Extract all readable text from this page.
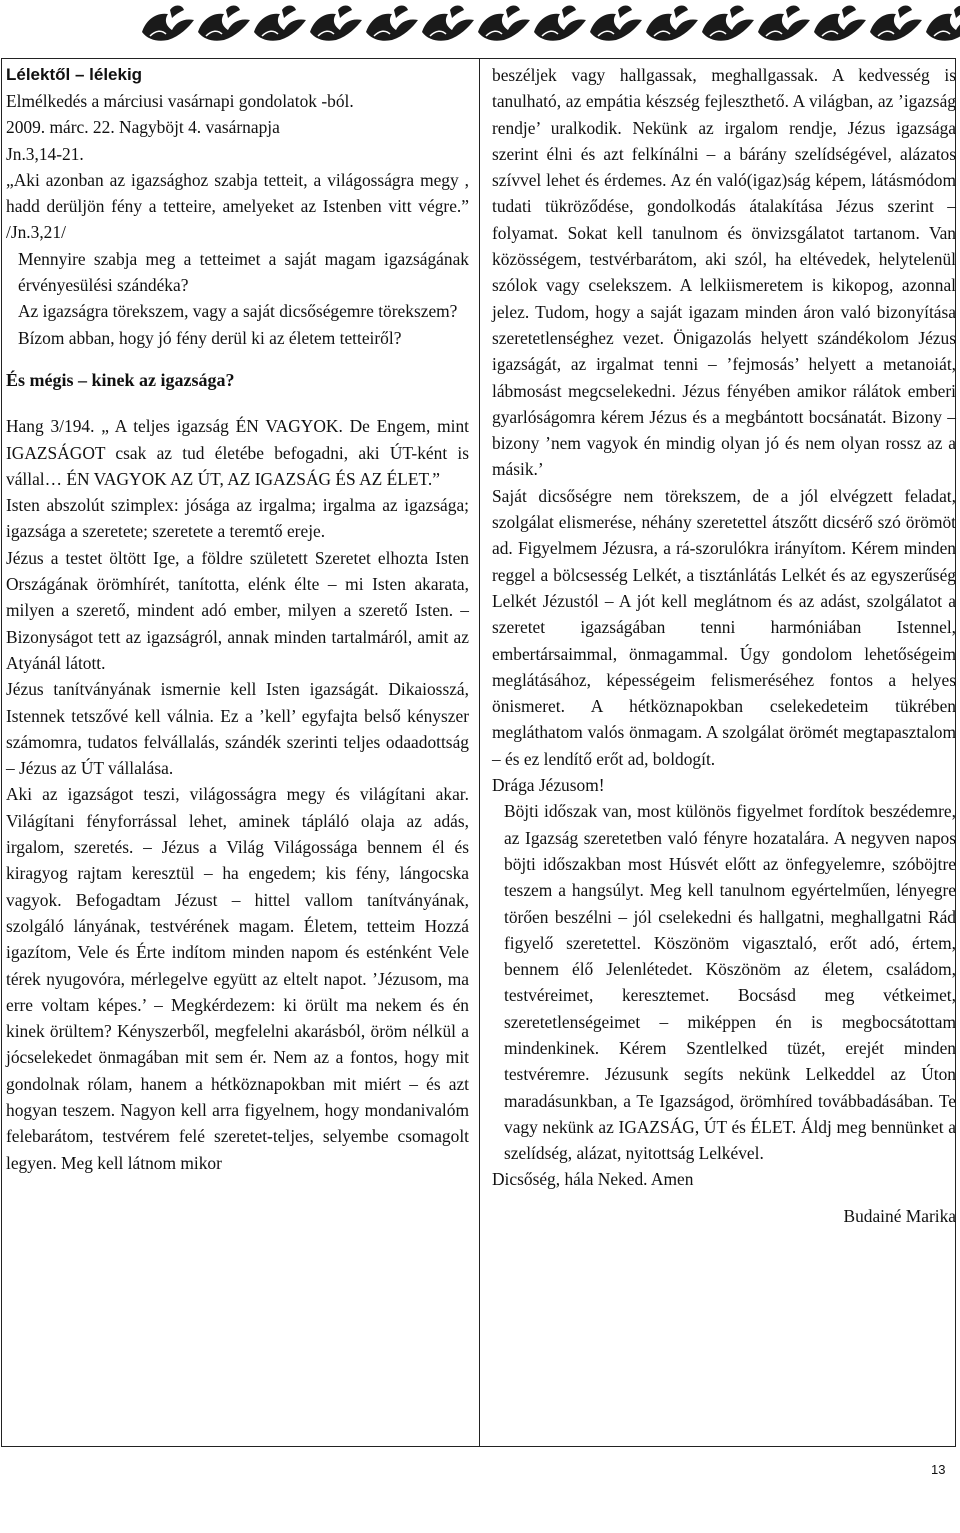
Lélektől – lélekig

Elmélkedés a márciusi vasárnapi gondolatok -ból.

2009. márc. 22. Nagyböjt 4. vasárnapja

Jn.3,14-21.

„Aki azonban az igazsághoz szabja tetteit, a világosságra megy , hadd derüljön fény a tetteire, amelyeket az Istenben vitt végre.” /Jn.3,21/

Mennyire szabja meg a tetteimet a saját magam igazságának érvényesülési szándéka?

Az igazságra törekszem, vagy a saját dicsőségemre törekszem?

Bízom abban, hogy jó fény derül ki az életem tetteiről?

És mégis – kinek az igazsága?

Hang 3/194. „ A teljes igazság ÉN VAGYOK. De Engem, mint IGAZSÁGOT csak az tud életébe befogadni, aki ÚT-ként is vállal… ÉN VAGYOK AZ ÚT, AZ IGAZSÁG ÉS AZ ÉLET.”

Isten abszolút szimplex: jósága az irgalma; irgalma az igazsága; igazsága a szeretete; szeretete a teremtő ereje.

Jézus a testet öltött Ige, a földre született Szeretet elhozta Isten Országának örömhírét, tanította, elénk élte – mi Isten akarata, milyen a szerető, mindent adó ember, milyen a szerető Isten. – Bizonyságot tett az igazságról, annak minden tartalmáról, amit az Atyánál látott.

Jézus tanítványának ismernie kell Isten igazságát. Dikaiosszá, Istennek tetszővé kell válnia. Ez a ’kell’ egyfajta belső kényszer számomra, tudatos felvállalás, szándék szerinti teljes odaadottság – Jézus az ÚT vállalása.

Aki az igazságot teszi, világosságra megy és világítani akar. Világítani fényforrással lehet, aminek tápláló olaja az adás, irgalom, szeretés. – Jézus a Világ Világossága bennem él és kiragyog rajtam keresztül – ha engedem; kis fény, lángocska vagyok. Befogadtam Jézust – hittel vallom tanítványának, szolgáló lányának, testvérének magam. Életem, tetteim Hozzá igazítom, Vele és Érte indítom minden napom és esténként Vele térek nyugovóra, mérlegelve együtt az eltelt napot. ’Jézusom, ma erre voltam képes.’ – Megkérdezem: ki örült ma nekem és én kinek örültem? Kényszerből, megfelelni akarásból, öröm nélkül a jócselekedet önmagában mit sem ér. Nem az a fontos, hogy mit gondolnak rólam, hanem a hétköznapokban mit miért – és azt hogyan teszem. Nagyon kell arra figyelnem, hogy mondanivalóm felebarátom, testvérem felé szeretet-teljes, selyembe csomagolt legyen. Meg kell látnom mikor

beszéljek vagy hallgassak, meghallgassak. A kedvesség is tanulható, az empátia készség fejleszthető. A világban, az ’igazság rendje’ uralkodik. Nekünk az irgalom rendje, Jézus igazsága szerint élni és azt felkínálni – a bárány szelídségével, alázatos szívvel lehet és érdemes. Az én való(igaz)ság képem, látásmódom tudati tükröződése, gondolkodás átalakítása Jézus szerint – folyamat. Sokat kell tanulnom és önvizsgálatot tartanom. Van közösségem, testvérbarátom, aki szól, ha eltévedek, helytelenül szólok vagy cselekszem. A lelkiismeretem is kikopog, azonnal jelez. Tudom, hogy a saját igazam minden áron való bizonyítása szeretetlenséghez vezet. Önigazolás helyett szándékolom Jézus igazságát, az irgalmat tenni – ’fejmosás’ helyett a metanoiát, lábmosást megcselekedni. Jézus fényében amikor rálátok emberi gyarlóságomra kérem Jézus és a megbántott bocsánatát. Bizony – bizony ’nem vagyok én mindig olyan jó és nem olyan rossz az a másik.’

Saját dicsőségre nem törekszem, de a jól elvégzett feladat, szolgálat elismerése, néhány szeretettel átszőtt dicsérő szó örömöt ad. Figyelmem Jézusra, a rá-szorulókra irányítom. Kérem minden reggel a bölcsesség Lelkét, a tisztánlátás Lelkét és az egyszerűség Lelkét Jézustól – A jót kell meglátnom és az adást, szolgálatot a szeretet igazságában tenni harmóniában Istennel, embertársaimmal, önmagammal. Úgy gondolom lehetőségeim meglátásához, képességeim felismeréséhez fontos a helyes önismeret. A hétköznapokban cselekedeteim tükrében megláthatom valós önmagam. A szolgálat örömét megtapasztalom – és ez lendítő erőt ad, boldogít.

Drága Jézusom!

Böjti időszak van, most különös figyelmet fordítok beszédemre, az Igazság szeretetben való fényre hozatalára. A negyven napos böjti időszakban most Húsvét előtt az önfegyelemre, szóböjtre teszem a hangsúlyt. Meg kell tanulnom egyértelműen, lényegre törően beszélni – jól cselekedni és hallgatni, meghallgatni Rád figyelő szeretettel. Köszönöm vigasztaló, erőt adó, értem, bennem élő Jelenlétedet. Köszönöm az életem, családom, testvéreimet, keresztemet. Bocsásd meg vétkeimet, szeretetlenségeimet – miképpen én is megbocsátottam mindenkinek. Kérem Szentlelked tüzét, erejét minden testvéremre. Jézusunk segíts nekünk Lelkeddel az Úton maradásunkban, a Te Igazságod, örömhíred továbbadásában. Te vagy nekünk az IGAZSÁG, ÚT és ÉLET. Áldj meg bennünket a szelídség, alázat, nyitottság Lelkével.

Dicsőség, hála Neked. Amen

Budainé Marika

13
